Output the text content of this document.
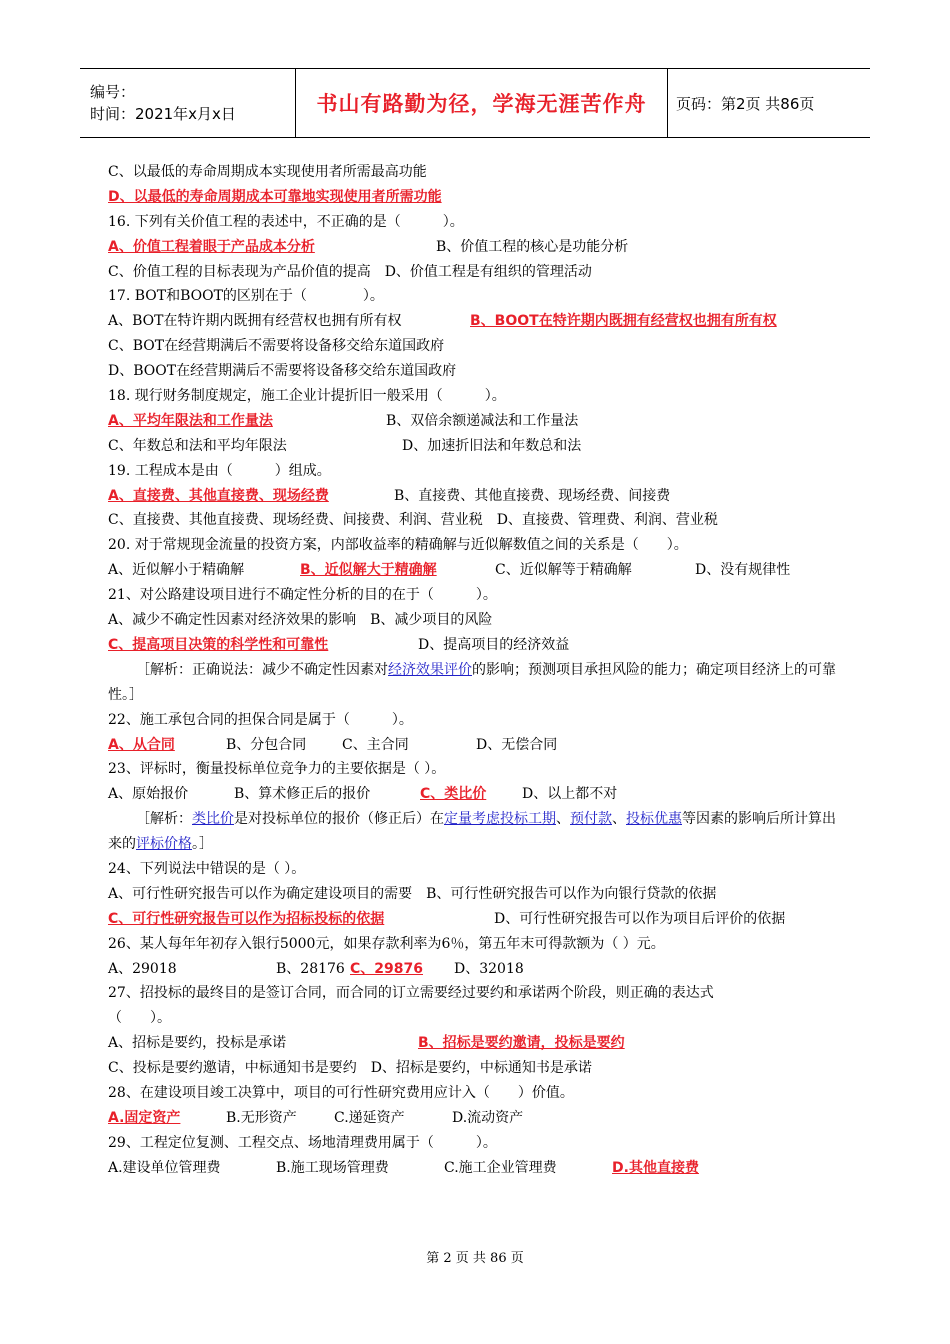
编号：
时间：2021年x月x日	书山有路勤为径，学海无涯苦作舟 页码：第2页 共86页
C、以最低的寿命周期成本实现使用者所需最高功能
D、以最低的寿命周期成本可靠地实现使用者所需功能
16. 下列有关价值工程的表述中，不正确的是（　　　）。
A、价值工程着眼于产品成本分析	B、价值工程的核心是功能分析
C、价值工程的目标表现为产品价值的提高　D、价值工程是有组织的管理活动
17. BOT和BOOT的区别在于（　　　　）。
A、BOT在特许期内既拥有经营权也拥有所有权	B、BOOT在特许期内既拥有经营权也拥有所有权
C、BOT在经营期满后不需要将设备移交给东道国政府
D、BOOT在经营期满后不需要将设备移交给东道国政府
18. 现行财务制度规定，施工企业计提折旧一般采用（　　　）。
A、平均年限法和工作量法	B、双倍余额递减法和工作量法
C、年数总和法和平均年限法	D、加速折旧法和年数总和法
19. 工程成本是由（　　　）组成。
A、直接费、其他直接费、现场经费	B、直接费、其他直接费、现场经费、间接费
C、直接费、其他直接费、现场经费、间接费、利润、营业税　D、直接费、管理费、利润、营业税
20. 对于常规现金流量的投资方案，内部收益率的精确解与近似解数值之间的关系是（　　）。
A、近似解小于精确解	B、近似解大于精确解	C、近似解等于精确解	D、没有规律性
21、对公路建设项目进行不确定性分析的目的在于（　　　）。
A、减少不确定性因素对经济效果的影响　B、减少项目的风险
C、提高项目决策的科学性和可靠性	D、提高项目的经济效益
［解析：正确说法：减少不确定性因素对经济效果评价的影响；预测项目承担风险的能力；确定项目经济上的可靠性。］
22、施工承包合同的担保合同是属于（　　　）。
A、从合同	B、分包合同	C、主合同	D、无偿合同
23、评标时，衡量投标单位竞争力的主要依据是（ ）。
A、原始报价	B、算术修正后的报价	C、类比价	D、以上都不对
［解析：类比价是对投标单位的报价（修正后）在定量考虑投标工期、预付款、投标优惠等因素的影响后所计算出来的评标价格。］
24、下列说法中错误的是（ ）。
A、可行性研究报告可以作为确定建设项目的需要　B、可行性研究报告可以作为向银行贷款的依据
C、可行性研究报告可以作为招标投标的依据	D、可行性研究报告可以作为项目后评价的依据
26、某人每年年初存入银行5000元，如果存款利率为6％，第五年末可得款额为（ ）元。
A、29018	B、28176 C、29876 D、32018
27、招投标的最终目的是签订合同，而合同的订立需要经过要约和承诺两个阶段，则正确的表达式
（　　）。
A、招标是要约，投标是承诺	B、招标是要约邀请，投标是要约
C、投标是要约邀请，中标通知书是要约　D、招标是要约，中标通知书是承诺
28、在建设项目竣工决算中，项目的可行性研究费用应计入（　　）价值。
A.固定资产	B.无形资产	C.递延资产	D.流动资产
29、工程定位复测、工程交点、场地清理费用属于（　　　）。
A.建设单位管理费	B.施工现场管理费	C.施工企业管理费	D.其他直接费
第 2 页 共 86 页
